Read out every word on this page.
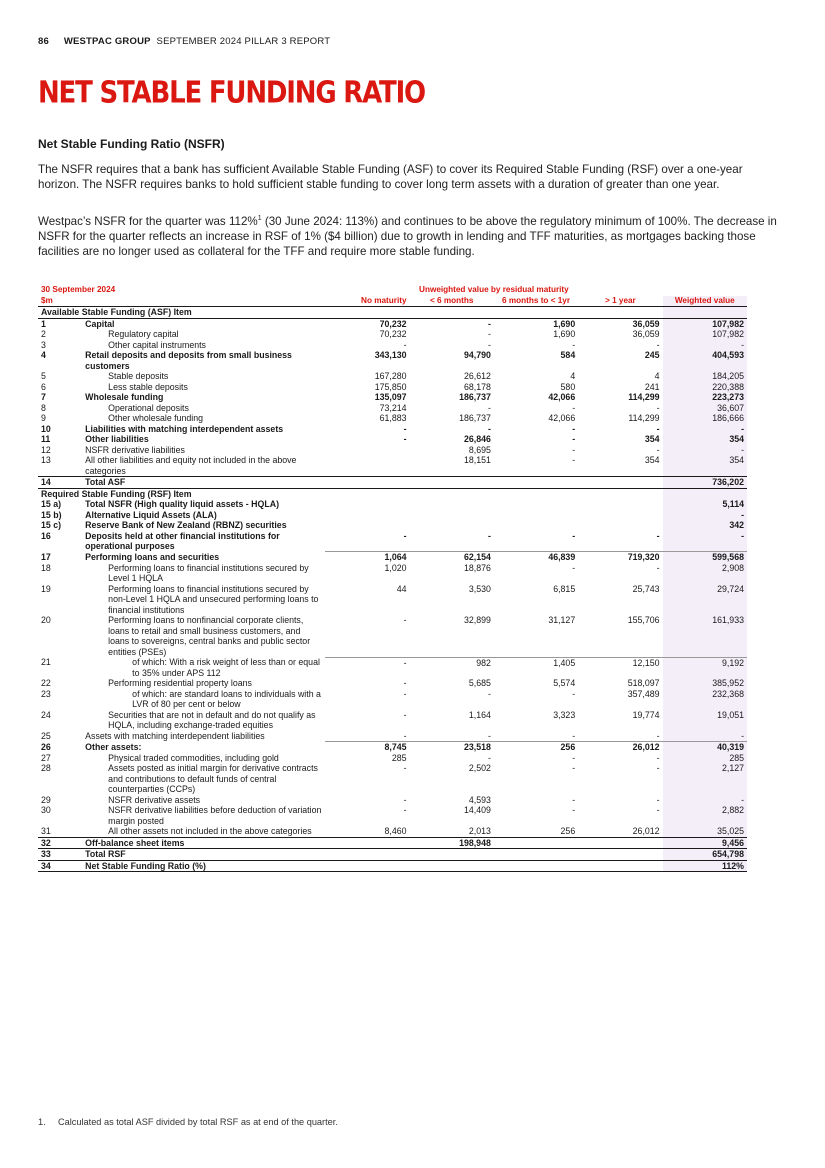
86 WESTPAC GROUP SEPTEMBER 2024 PILLAR 3 REPORT
NET STABLE FUNDING RATIO
Net Stable Funding Ratio (NSFR)
The NSFR requires that a bank has sufficient Available Stable Funding (ASF) to cover its Required Stable Funding (RSF) over a one-year horizon. The NSFR requires banks to hold sufficient stable funding to cover long term assets with a duration of greater than one year.
Westpac’s NSFR for the quarter was 112%$^1$ (30 June 2024: 113%) and continues to be above the regulatory minimum of 100%. The decrease in NSFR for the quarter reflects an increase in RSF of 1% ($4 billion) due to growth in lending and TFF maturities, as mortgages backing those facilities are no longer used as collateral for the TFF and require more stable funding.
30 September 2024		Unweighted value by residual maturity				
$m		No maturity	< 6 months	6 months to < 1yr	> 1 year	Weighted value
Available Stable Funding (ASF) Item						
1	Capital	70,232	-	1,690	36,059	107,982
2	Regulatory capital	70,232	-	1,690	36,059	107,982
3	Other capital instruments	-	-	-	-	-
4	Retail deposits and deposits from small business customers	343,130	94,790	584	245	404,593
5	Stable deposits	167,280	26,612	4	4	184,205
6	Less stable deposits	175,850	68,178	580	241	220,388
7	Wholesale funding	135,097	186,737	42,066	114,299	223,273
8	Operational deposits	73,214	-	-	-	36,607
9	Other wholesale funding	61,883	186,737	42,066	114,299	186,666
10	Liabilities with matching interdependent assets	-	-	-	-	-
11	Other liabilities	-	26,846	-	354	354
12	NSFR derivative liabilities		8,695	-	-	-
13	All other liabilities and equity not included in the above categories		18,151	-	354	354
14	Total ASF					736,202
Required Stable Funding (RSF) Item						
15 a)	Total NSFR (High quality liquid assets - HQLA)					5,114
15 b)	Alternative Liquid Assets (ALA)					-
15 c)	Reserve Bank of New Zealand (RBNZ) securities					342
16	Deposits held at other financial institutions for operational purposes	-	-	-	-	-
17	Performing loans and securities	1,064	62,154	46,839	719,320	599,568
18	Performing loans to financial institutions secured by Level 1 HQLA	1,020	18,876	-	-	2,908
19	Performing loans to financial institutions secured by non-Level 1 HQLA and unsecured performing loans to financial institutions	44	3,530	6,815	25,743	29,724
20	Performing loans to nonfinancial corporate clients, loans to retail and small business customers, and loans to sovereigns, central banks and public sector entities (PSEs)	-	32,899	31,127	155,706	161,933
21	of which: With a risk weight of less than or equal to 35% under APS 112	-	982	1,405	12,150	9,192
22	Performing residential property loans	-	5,685	5,574	518,097	385,952
23	of which: are standard loans to individuals with a LVR of 80 per cent or below	-	-	-	357,489	232,368
24	Securities that are not in default and do not qualify as HQLA, including exchange-traded equities	-	1,164	3,323	19,774	19,051
25	Assets with matching interdependent liabilities	-	-	-	-	-
26	Other assets:	8,745	23,518	256	26,012	40,319
27	Physical traded commodities, including gold	285	-	-	-	285
28	Assets posted as initial margin for derivative contracts and contributions to default funds of central counterparties (CCPs)	-	2,502	-	-	2,127
29	NSFR derivative assets	-	4,593	-	-	-
30	NSFR derivative liabilities before deduction of variation margin posted	-	14,409	-	-	2,882
31	All other assets not included in the above categories	8,460	2,013	256	26,012	35,025
32	Off-balance sheet items		198,948			9,456
33	Total RSF					654,798
34	Net Stable Funding Ratio (%)					112%
1. Calculated as total ASF divided by total RSF as at end of the quarter.
